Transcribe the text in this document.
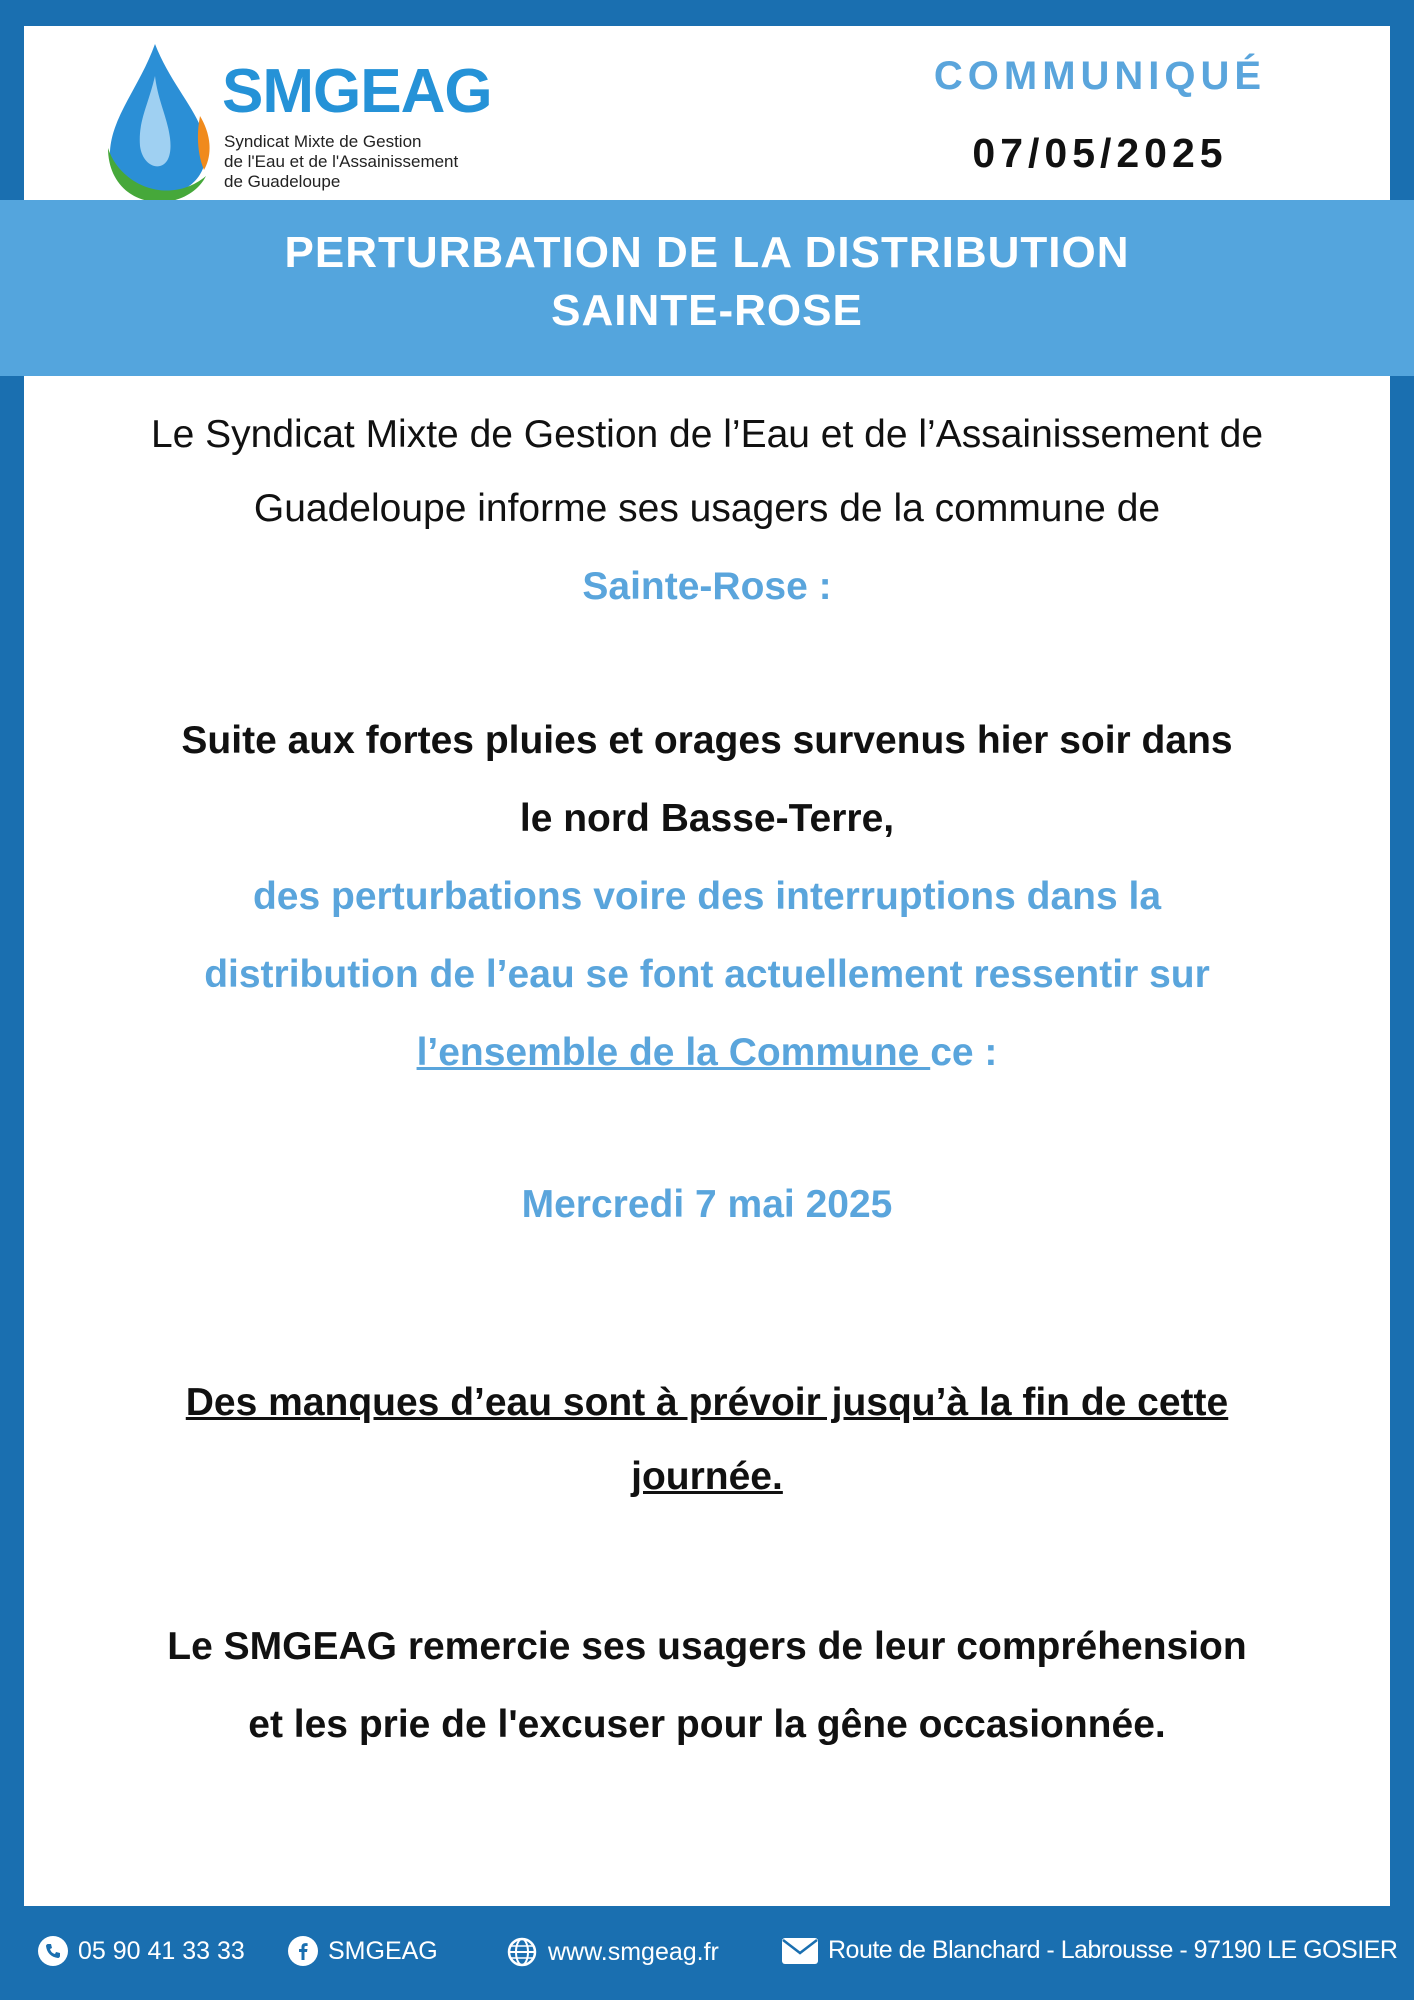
SMGEAG
Syndicat Mixte de Gestion
de l'Eau et de l'Assainissement
de Guadeloupe
COMMUNIQUÉ
07/05/2025
PERTURBATION DE LA DISTRIBUTION
SAINTE-ROSE
Le Syndicat Mixte de Gestion de l’Eau et de l’Assainissement de
Guadeloupe informe ses usagers de la commune de
Sainte-Rose :
Suite aux fortes pluies et orages survenus hier soir dans
le nord Basse-Terre,
des perturbations voire des interruptions dans la
distribution de l’eau se font actuellement ressentir sur
l’ensemble de la Commune ce :
Mercredi 7 mai 2025
Des manques d’eau sont à prévoir jusqu’à la fin de cette
journée.
Le SMGEAG remercie ses usagers de leur compréhension
et les prie de l'excuser pour la gêne occasionnée.
05 90 41 33 33	SMGEAG	www.smgeag.fr	Route de Blanchard - Labrousse - 97190 LE GOSIER
